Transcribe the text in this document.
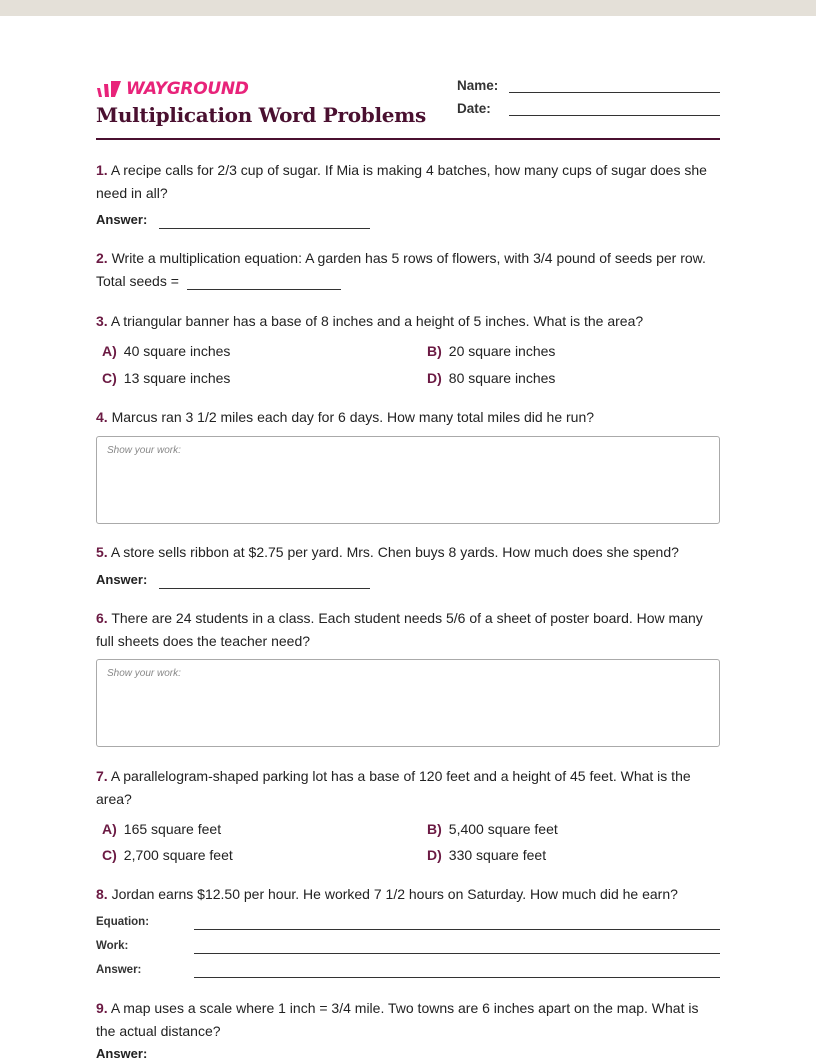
WAYGROUND
Multiplication Word Problems
Name:
Date:
1. A recipe calls for 2/3 cup of sugar. If Mia is making 4 batches, how many cups of sugar does she need in all?
Answer:
2. Write a multiplication equation: A garden has 5 rows of flowers, with 3/4 pound of seeds per row. Total seeds =
3. A triangular banner has a base of 8 inches and a height of 5 inches. What is the area?
A) 40 square inches	B) 20 square inches
C) 13 square inches	D) 80 square inches
4. Marcus ran 3 1/2 miles each day for 6 days. How many total miles did he run?
Show your work:
5. A store sells ribbon at $2.75 per yard. Mrs. Chen buys 8 yards. How much does she spend?
Answer:
6. There are 24 students in a class. Each student needs 5/6 of a sheet of poster board. How many full sheets does the teacher need?
Show your work:
7. A parallelogram-shaped parking lot has a base of 120 feet and a height of 45 feet. What is the area?
A) 165 square feet	B) 5,400 square feet
C) 2,700 square feet	D) 330 square feet
8. Jordan earns $12.50 per hour. He worked 7 1/2 hours on Saturday. How much did he earn?
Equation:
Work:
Answer:
9. A map uses a scale where 1 inch = 3/4 mile. Two towns are 6 inches apart on the map. What is the actual distance?
Answer:
